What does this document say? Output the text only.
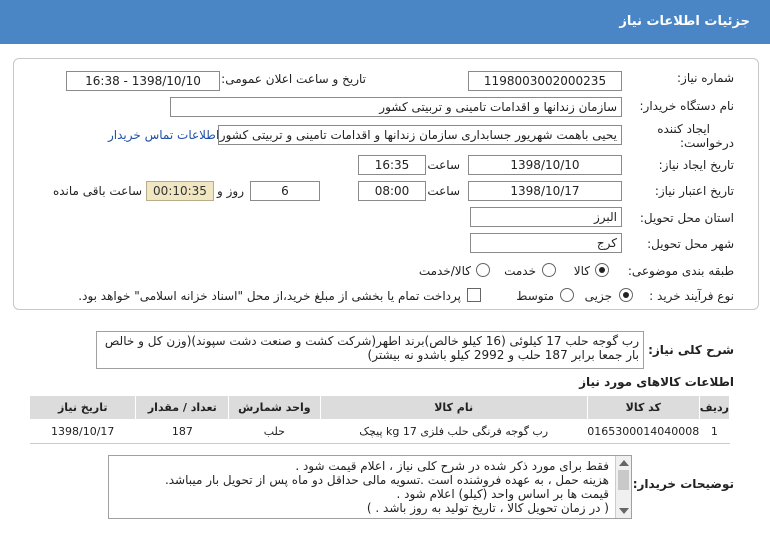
جزئیات اطلاعات نیاز
شماره نیاز:
1198003002000235
تاریخ و ساعت اعلان عمومی:
1398/10/10 - 16:38
نام دستگاه خریدار:
سازمان زندانها و اقدامات تامینی و تربیتی کشور
ایجاد کننده
درخواست:
یحیی باهمت شهریور جسابداری سازمان زندانها و اقدامات تامینی و تربیتی کشور
اطلاعات تماس خریدار
تاریخ ایجاد نیاز:
1398/10/10
ساعت
16:35
تاریخ اعتبار نیاز:
1398/10/17
ساعت
08:00
6
روز و
00:10:35
ساعت باقی مانده
استان محل تحویل:
البرز
شهر محل تحویل:
کرج
طبقه بندی موضوعی:
کالا
خدمت
کالا/خدمت
نوع فرآیند خرید :
جزیی
متوسط
پرداخت تمام یا بخشی از مبلغ خرید،از محل "اسناد خزانه اسلامی" خواهد بود.
شرح کلی نیاز:
رب گوجه حلب 17 کیلوئی (16 کیلو خالص)برند اطهر(شرکت کشت و صنعت دشت سپوند)(وزن کل و خالص بار جمعا برابر 187 حلب و 2992 کیلو باشدو نه بیشتر)
اطلاعات کالاهای مورد نیاز
ردیف	کد کالا	نام کالا	واحد شمارش	تعداد / مقدار	تاریخ نیاز
1	0165300014040008	رب گوجه فرنگی حلب فلزی 17 kg پیچک	حلب	187	1398/10/17
توضیحات خریدار:
فقط برای مورد ذکر شده در شرح کلی نیاز ، اعلام قیمت شود .
هزینه حمل ، به عهده فروشنده است .تسویه مالی حداقل دو ماه پس از تحویل بار میباشد.
قیمت ها بر اساس واحد (کیلو) اعلام شود .
( در زمان تحویل کالا ، تاریخ تولید به روز باشد . )
